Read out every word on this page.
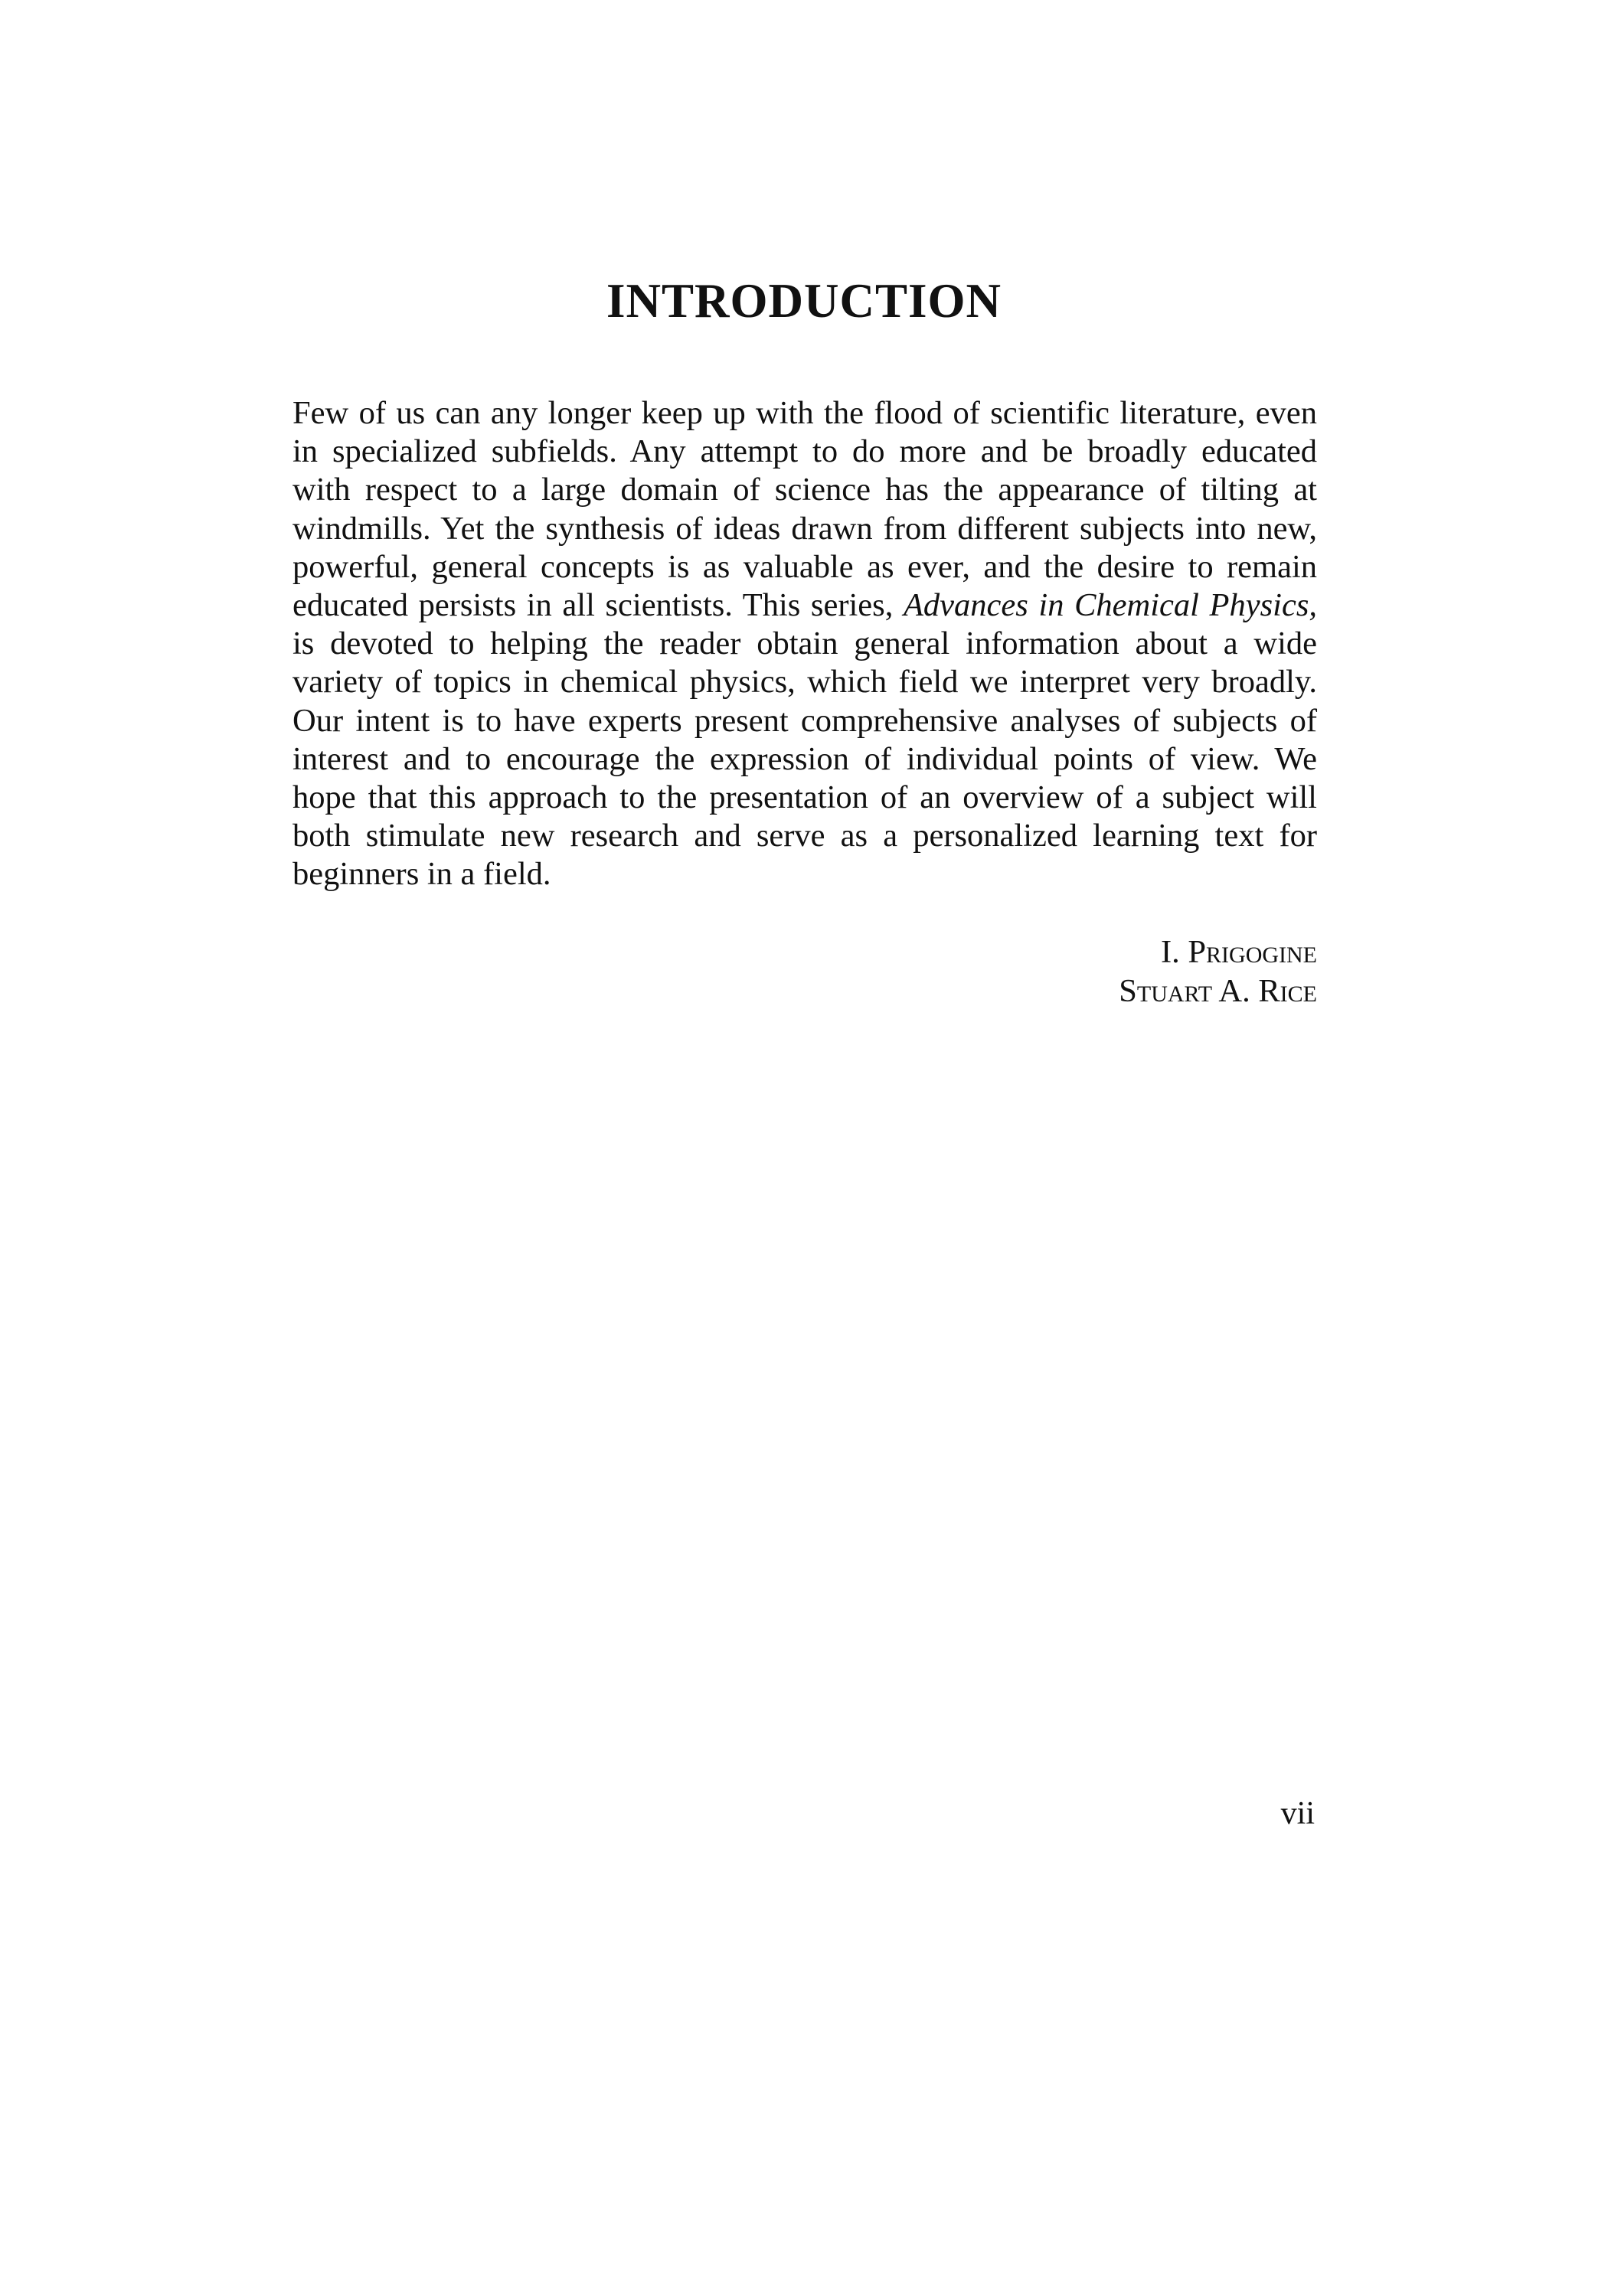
INTRODUCTION
Few of us can any longer keep up with the flood of scientific literature, even
in specialized subfields. Any attempt to do more and be broadly educated
with respect to a large domain of science has the appearance of tilting at
windmills. Yet the synthesis of ideas drawn from different subjects into new,
powerful, general concepts is as valuable as ever, and the desire to remain
educated persists in all scientists. This series, Advances in Chemical Physics,
is devoted to helping the reader obtain general information about a wide
variety of topics in chemical physics, which field we interpret very broadly.
Our intent is to have experts present comprehensive analyses of subjects of
interest and to encourage the expression of individual points of view. We
hope that this approach to the presentation of an overview of a subject will
both stimulate new research and serve as a personalized learning text for
beginners in a field.
I. Prigogine
Stuart A. Rice
vii
